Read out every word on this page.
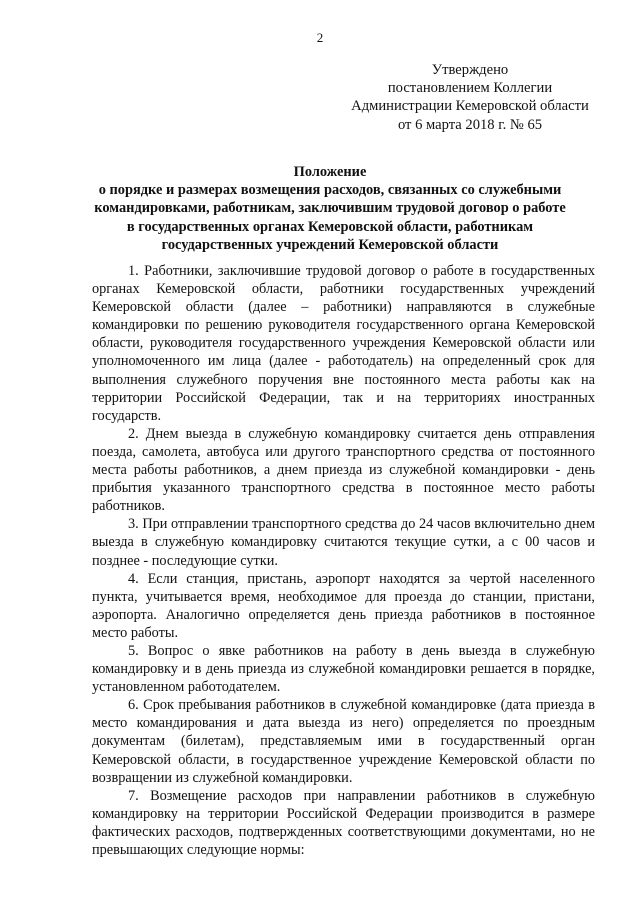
2
Утверждено
постановлением Коллегии
Администрации Кемеровской области
от 6 марта 2018 г. № 65
Положение
о порядке и размерах возмещения расходов, связанных со служебными
командировками, работникам, заключившим трудовой договор о работе
в государственных органах Кемеровской области, работникам
государственных учреждений Кемеровской области

1. Работники, заключившие трудовой договор о работе в государственных органах Кемеровской области, работники государственных учреждений Кемеровской области (далее – работники) направляются в служебные командировки по решению руководителя государственного органа Кемеровской области, руководителя государственного учреждения Кемеровской области или уполномоченного им лица (далее - работодатель) на определенный срок для выполнения служебного поручения вне постоянного места работы как на территории Российской Федерации, так и на территориях иностранных государств.

2. Днем выезда в служебную командировку считается день отправления поезда, самолета, автобуса или другого транспортного средства от постоянного места работы работников, а днем приезда из служебной командировки - день прибытия указанного транспортного средства в постоянное место работы работников.

3. При отправлении транспортного средства до 24 часов включительно днем выезда в служебную командировку считаются текущие сутки, а с 00 часов и позднее - последующие сутки.

4. Если станция, пристань, аэропорт находятся за чертой населенного пункта, учитывается время, необходимое для проезда до станции, пристани, аэропорта. Аналогично определяется день приезда работников в постоянное место работы.

5. Вопрос о явке работников на работу в день выезда в служебную командировку и в день приезда из служебной командировки решается в порядке, установленном работодателем.

6. Срок пребывания работников в служебной командировке (дата приезда в место командирования и дата выезда из него) определяется по проездным документам (билетам), представляемым ими в государственный орган Кемеровской области, в государственное учреждение Кемеровской области по возвращении из служебной командировки.

7. Возмещение расходов при направлении работников в служебную командировку на территории Российской Федерации производится в размере фактических расходов, подтвержденных соответствующими документами, но не превышающих следующие нормы:
